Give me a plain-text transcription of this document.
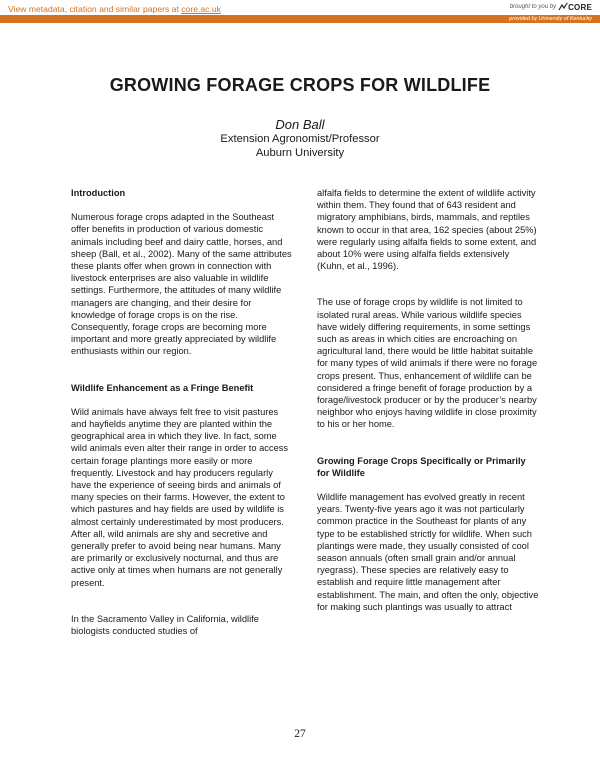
View metadata, citation and similar papers at core.ac.uk	brought to you by CORE
provided by University of Kentucky
GROWING FORAGE CROPS FOR WILDLIFE
Don Ball
Extension Agronomist/Professor
Auburn University
Introduction

Numerous forage crops adapted in the Southeast offer benefits in production of various domestic animals including beef and dairy cattle, horses, and sheep (Ball, et al., 2002). Many of the same attributes these plants offer when grown in connection with livestock enterprises are also valuable in wildlife settings. Furthermore, the attitudes of many wildlife managers are changing, and their desire for knowledge of forage crops is on the rise. Consequently, forage crops are becoming more important and more greatly appreciated by wildlife enthusiasts within our region.

Wildlife Enhancement as a Fringe Benefit

Wild animals have always felt free to visit pastures and hayfields anytime they are planted within the geographical area in which they live. In fact, some wild animals even alter their range in order to access certain forage plantings more easily or more frequently. Livestock and hay producers regularly have the experience of seeing birds and animals of many species on their farms. However, the extent to which pastures and hay fields are used by wildlife is almost certainly underestimated by most producers. After all, wild animals are shy and secretive and generally prefer to avoid being near humans. Many are primarily or exclusively nocturnal, and thus are active only at times when humans are not generally present.

In the Sacramento Valley in California, wildlife biologists conducted studies of

alfalfa fields to determine the extent of wildlife activity within them. They found that of 643 resident and migratory amphibians, birds, mammals, and reptiles known to occur in that area, 162 species (about 25%) were regularly using alfalfa fields to some extent, and about 10% were using alfalfa fields extensively (Kuhn, et al., 1996).

The use of forage crops by wildlife is not limited to isolated rural areas. While various wildlife species have widely differing requirements, in some settings such as areas in which cities are encroaching on agricultural land, there would be little habitat suitable for many types of wild animals if there were no forage crops present. Thus, enhancement of wildlife can be considered a fringe benefit of forage production by a forage/livestock producer or by the producer’s nearby neighbor who enjoys having wildlife in close proximity to his or her home.

Growing Forage Crops Specifically or Primarily for Wildlife

Wildlife management has evolved greatly in recent years. Twenty-five years ago it was not particularly common practice in the Southeast for plants of any type to be established strictly for wildlife. When such plantings were made, they usually consisted of cool season annuals (often small grain and/or annual ryegrass). These species are relatively easy to establish and require little management after establishment. The main, and often the only, objective for making such plantings was usually to attract

27
